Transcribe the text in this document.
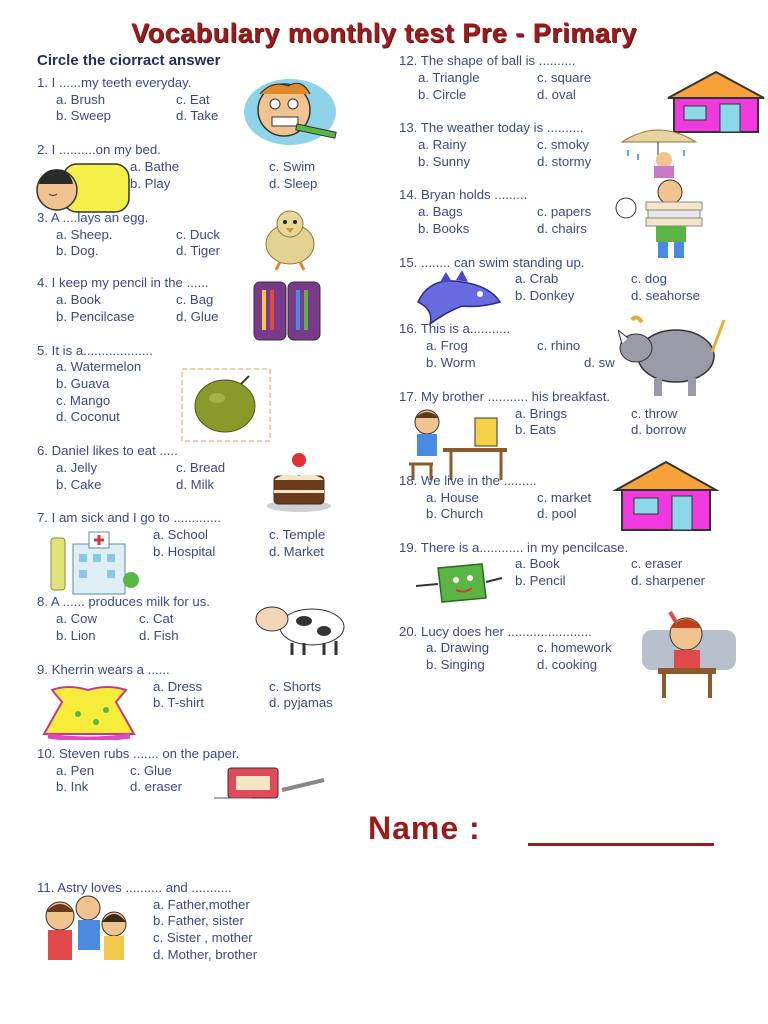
Vocabulary monthly test Pre - Primary
Circle the ciorract answer
1. I ......my teeth everyday.
a. Brush	c. Eat
b. Sweep	d. Take
2. I ..........on my bed.
a. Bathe	c. Swim
b. Play	d. Sleep
3. A ....lays an egg.
a. Sheep.	c. Duck
b. Dog.	d. Tiger
4. I keep my pencil in the ......
a. Book	c. Bag
b. Pencilcase	d. Glue
5. It is a...................
a. Watermelon
b. Guava
c. Mango
d. Coconut
6. Daniel likes to eat .....
a. Jelly	c. Bread
b. Cake	d. Milk
7. I am sick and I go to .............
a. School	c. Temple
b. Hospital	d. Market
8. A ...... produces milk for us.
a. Cow	c. Cat
b. Lion	d. Fish
9. Kherrin wears a ......
a. Dress	c. Shorts
b. T-shirt	d. pyjamas
10. Steven rubs ....... on the paper.
a. Pen	c. Glue
b. Ink	d. eraser
11. Astry loves .......... and ...........
a. Father,mother
b. Father, sister
c. Sister , mother
d. Mother, brother
12. The shape of ball is ..........
a. Triangle	c. square
b. Circle	d. oval
13. The weather today is ..........
a. Rainy	c. smoky
b. Sunny	d. stormy
14. Bryan holds .........
a. Bags	c. papers
b. Books	d. chairs
15. ........ can swim standing up.
a. Crab	c. dog
b. Donkey	d. seahorse
16. This is a...........
a. Frog	c. rhino
b. Worm	d. sw
17. My brother ........... his breakfast.
a. Brings	c. throw
b. Eats	d. borrow
18. We live in the .........
a. House	c. market
b. Church	d. pool
19. There is a............ in my pencilcase.
a. Book	c. eraser
b. Pencil	d. sharpener
20. Lucy does her .......................
a. Drawing	c. homework
b. Singing	d. cooking
Name :
